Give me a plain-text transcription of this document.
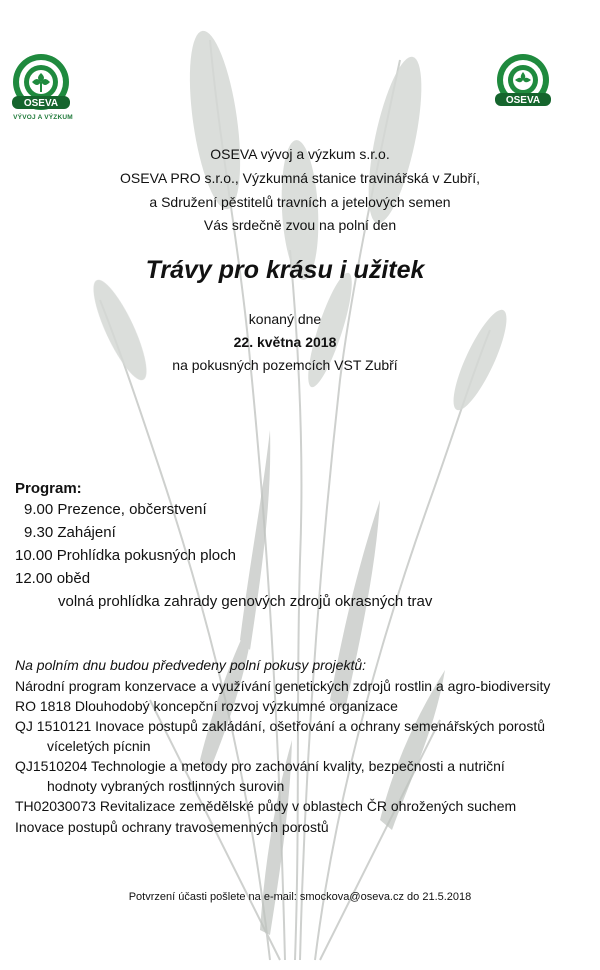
OSEVA
VÝVOJ A VÝZKUM
OSEVA
OSEVA vývoj a výzkum s.r.o.
OSEVA PRO s.r.o., Výzkumná stanice travinářská v Zubří,
a Sdružení pěstitelů travních a jetelových semen
Vás srdečně zvou na polní den
Trávy pro krásu i užitek
konaný dne
22. května 2018
na pokusných pozemcích VST Zubří
Program:
9.00 Prezence, občerstvení
9.30 Zahájení
10.00 Prohlídka pokusných ploch
12.00 oběd
volná prohlídka zahrady genových zdrojů okrasných trav
Na polním dnu budou předvedeny polní pokusy projektů:
Národní program konzervace a využívání genetických zdrojů rostlin a agro-biodiversity
RO 1818 Dlouhodobý koncepční rozvoj výzkumné organizace
QJ 1510121 Inovace postupů zakládání, ošetřování a ochrany semenářských porostů
víceletých pícnin
QJ1510204 Technologie a metody pro zachování kvality, bezpečnosti a nutriční
hodnoty vybraných rostlinných surovin
TH02030073 Revitalizace zemědělské půdy v oblastech ČR ohrožených suchem
Inovace postupů ochrany travosemenných porostů
Potvrzení účasti pošlete na e-mail: smockova@oseva.cz do 21.5.2018
